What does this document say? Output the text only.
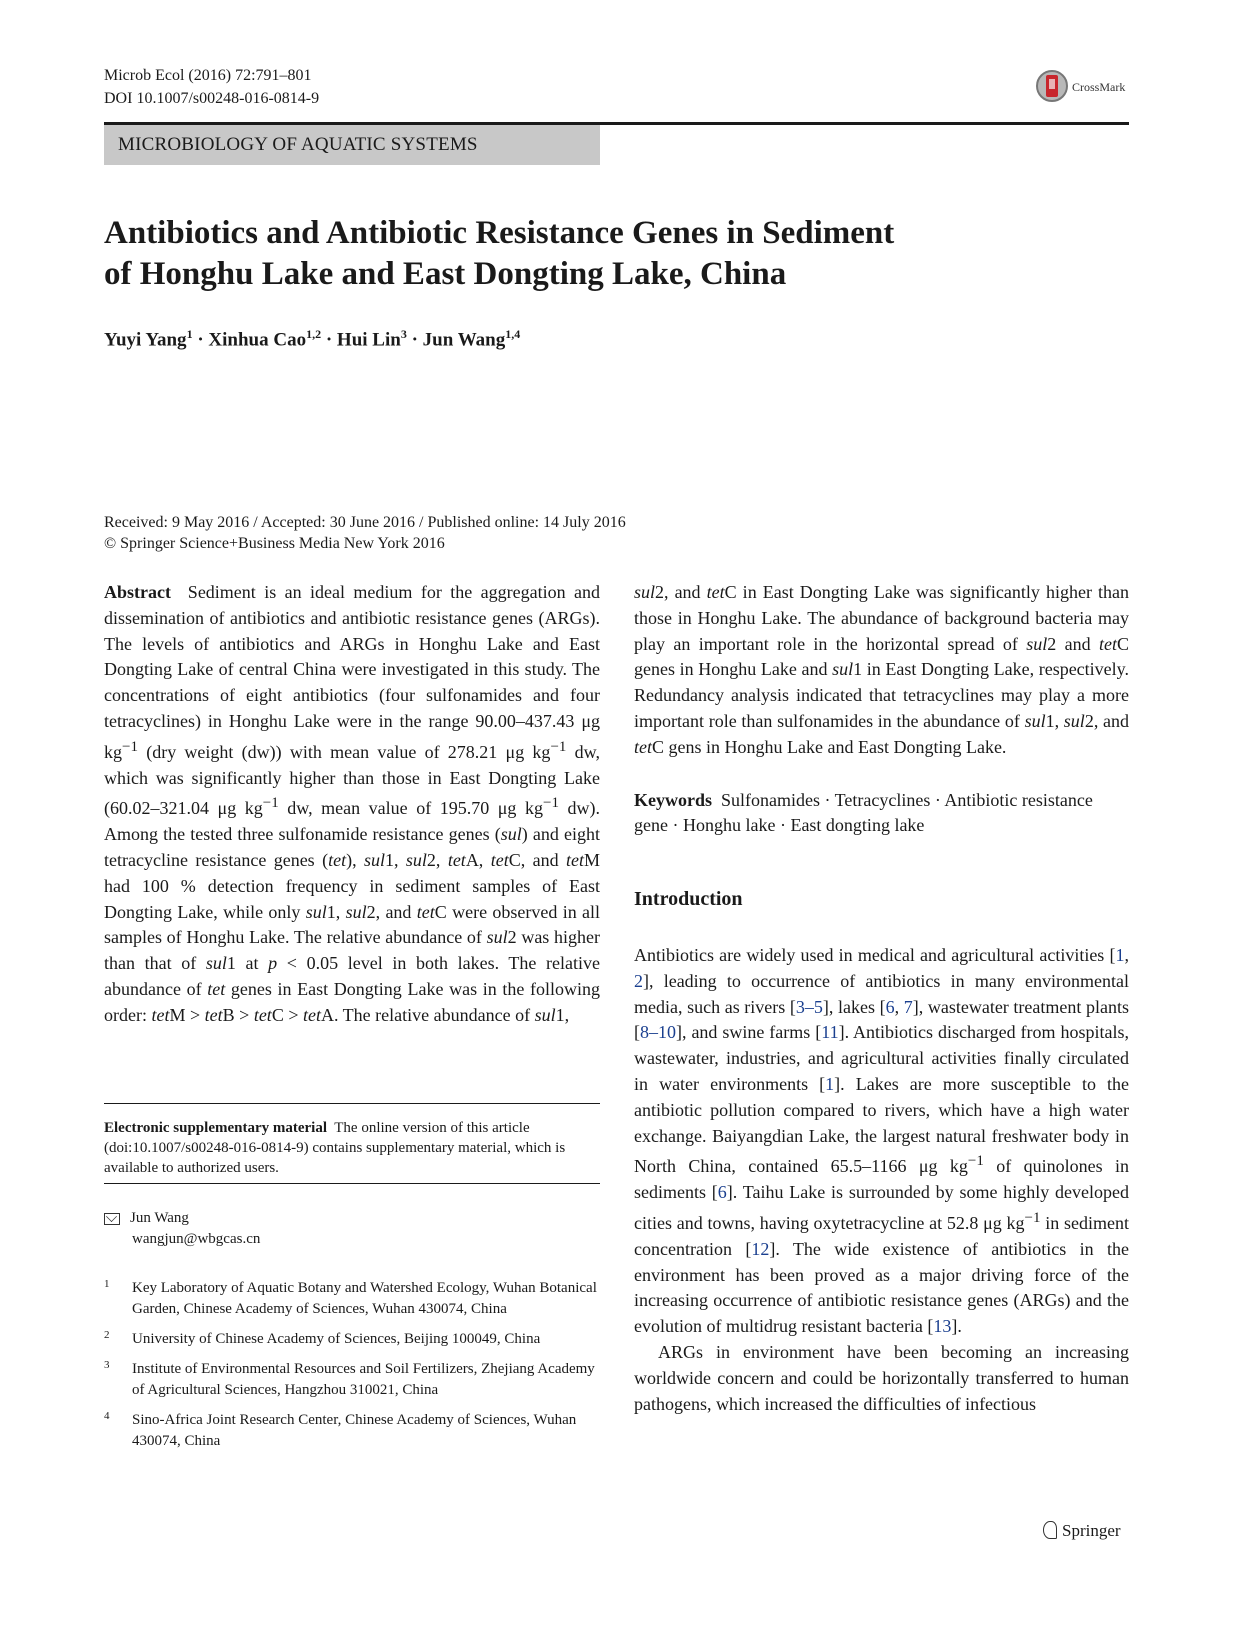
Microb Ecol (2016) 72:791–801
DOI 10.1007/s00248-016-0814-9
CrossMark
MICROBIOLOGY OF AQUATIC SYSTEMS
Antibiotics and Antibiotic Resistance Genes in Sediment
of Honghu Lake and East Dongting Lake, China
Yuyi Yang$^1$ · Xinhua Cao$^{1,2}$ · Hui Lin$^3$ · Jun Wang$^{1,4}$
Received: 9 May 2016 / Accepted: 30 June 2016 / Published online: 14 July 2016
© Springer Science+Business Media New York 2016

Abstract  Sediment is an ideal medium for the aggregation and dissemination of antibiotics and antibiotic resistance genes (ARGs). The levels of antibiotics and ARGs in Honghu Lake and East Dongting Lake of central China were investigated in this study. The concentrations of eight antibiotics (four sulfonamides and four tetracyclines) in Honghu Lake were in the range 90.00–437.43 μg $kg^{-1}$ (dry weight (dw)) with mean value of 278.21 μg $kg^{-1}$ dw, which was significantly higher than those in East Dongting Lake (60.02–321.04 μg $kg^{-1}$ dw, mean value of 195.70 μg $kg^{-1}$ dw). Among the tested three sulfonamide resistance genes (sul) and eight tetracycline resistance genes (tet), sul1, sul2, tetA, tetC, and tetM had 100 % detection frequency in sediment samples of East Dongting Lake, while only sul1, sul2, and tetC were observed in all samples of Honghu Lake. The relative abundance of sul2 was higher than that of sul1 at p < 0.05 level in both lakes. The relative abundance of tet genes in East Dongting Lake was in the following order: tetM > tetB > tetC > tetA. The relative abundance of sul1,

sul2, and tetC in East Dongting Lake was significantly higher than those in Honghu Lake. The abundance of background bacteria may play an important role in the horizontal spread of sul2 and tetC genes in Honghu Lake and sul1 in East Dongting Lake, respectively. Redundancy analysis indicated that tetracyclines may play a more important role than sulfonamides in the abundance of sul1, sul2, and tetC gens in Honghu Lake and East Dongting Lake.

Keywords Sulfonamides · Tetracyclines · Antibiotic resistance gene · Honghu lake · East dongting lake

Introduction

Antibiotics are widely used in medical and agricultural activities [1, 2], leading to occurrence of antibiotics in many environmental media, such as rivers [3–5], lakes [6, 7], wastewater treatment plants [8–10], and swine farms [11]. Antibiotics discharged from hospitals, wastewater, industries, and agricultural activities finally circulated in water environments [1]. Lakes are more susceptible to the antibiotic pollution compared to rivers, which have a high water exchange. Baiyangdian Lake, the largest natural freshwater body in North China, contained 65.5–1166 μg $kg^{-1}$ of quinolones in sediments [6]. Taihu Lake is surrounded by some highly developed cities and towns, having oxytetracycline at 52.8 μg $kg^{-1}$ in sediment concentration [12]. The wide existence of antibiotics in the environment has been proved as a major driving force of the increasing occurrence of antibiotic resistance genes (ARGs) and the evolution of multidrug resistant bacteria [13].

ARGs in environment have been becoming an increasing worldwide concern and could be horizontally transferred to human pathogens, which increased the difficulties of infectious

Electronic supplementary material The online version of this article (doi:10.1007/s00248-016-0814-9) contains supplementary material, which is available to authorized users.
Jun Wang
wangjun@wbgcas.cn
1 Key Laboratory of Aquatic Botany and Watershed Ecology, Wuhan Botanical Garden, Chinese Academy of Sciences, Wuhan 430074, China
2 University of Chinese Academy of Sciences, Beijing 100049, China
3 Institute of Environmental Resources and Soil Fertilizers, Zhejiang Academy of Agricultural Sciences, Hangzhou 310021, China
4 Sino-Africa Joint Research Center, Chinese Academy of Sciences, Wuhan 430074, China
Springer
